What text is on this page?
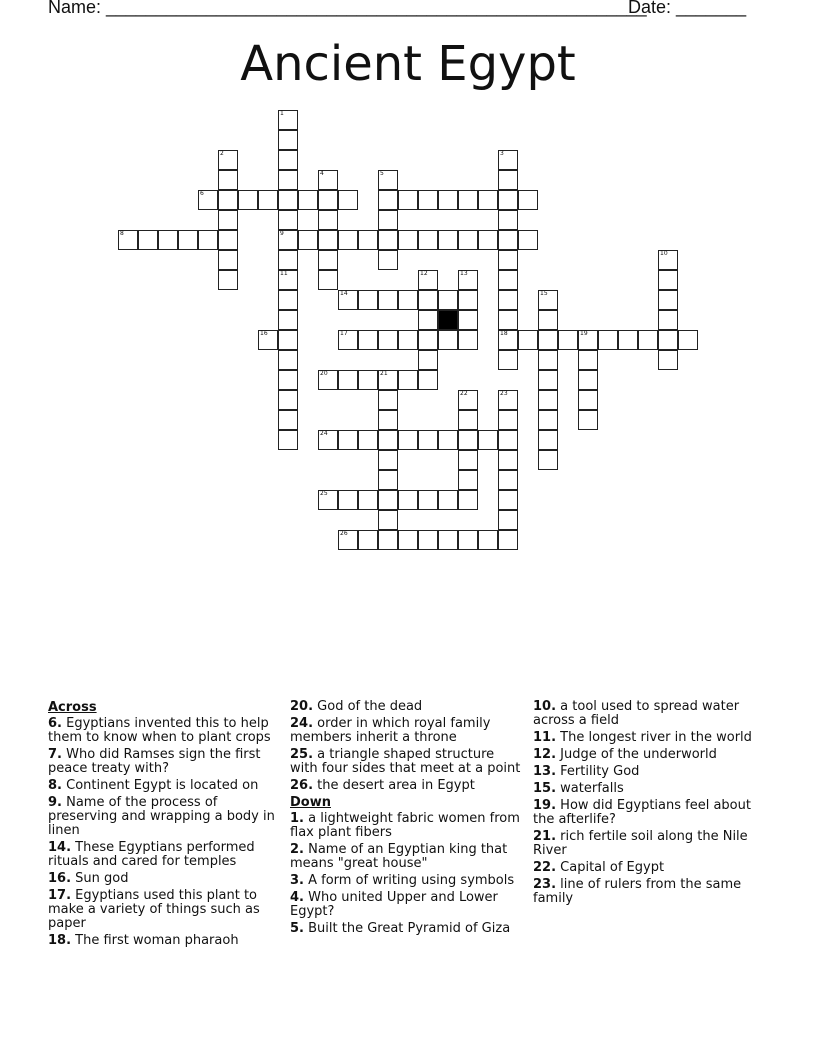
Name: ______________________________________________________
Date: _______
Ancient Egypt
1
2	3
4	5
6
8	9
10
11	12	13
14	15
16	17	18	19
20	21
22	23
24
25
26
Across
6. Egyptians invented this to help them to know when to plant crops
7. Who did Ramses sign the first peace treaty with?
8. Continent Egypt is located on
9. Name of the process of preserving and wrapping a body in linen
14. These Egyptians performed rituals and cared for temples
16. Sun god
17. Egyptians used this plant to make a variety of things such as paper
18. The first woman pharaoh
20. God of the dead
24. order in which royal family members inherit a throne
25. a triangle shaped structure with four sides that meet at a point
26. the desert area in Egypt
Down
1. a lightweight fabric women from flax plant fibers
2. Name of an Egyptian king that means "great house"
3. A form of writing using symbols
4. Who united Upper and Lower Egypt?
5. Built the Great Pyramid of Giza
10. a tool used to spread water across a field
11. The longest river in the world
12. Judge of the underworld
13. Fertility God
15. waterfalls
19. How did Egyptians feel about the afterlife?
21. rich fertile soil along the Nile River
22. Capital of Egypt
23. line of rulers from the same family
